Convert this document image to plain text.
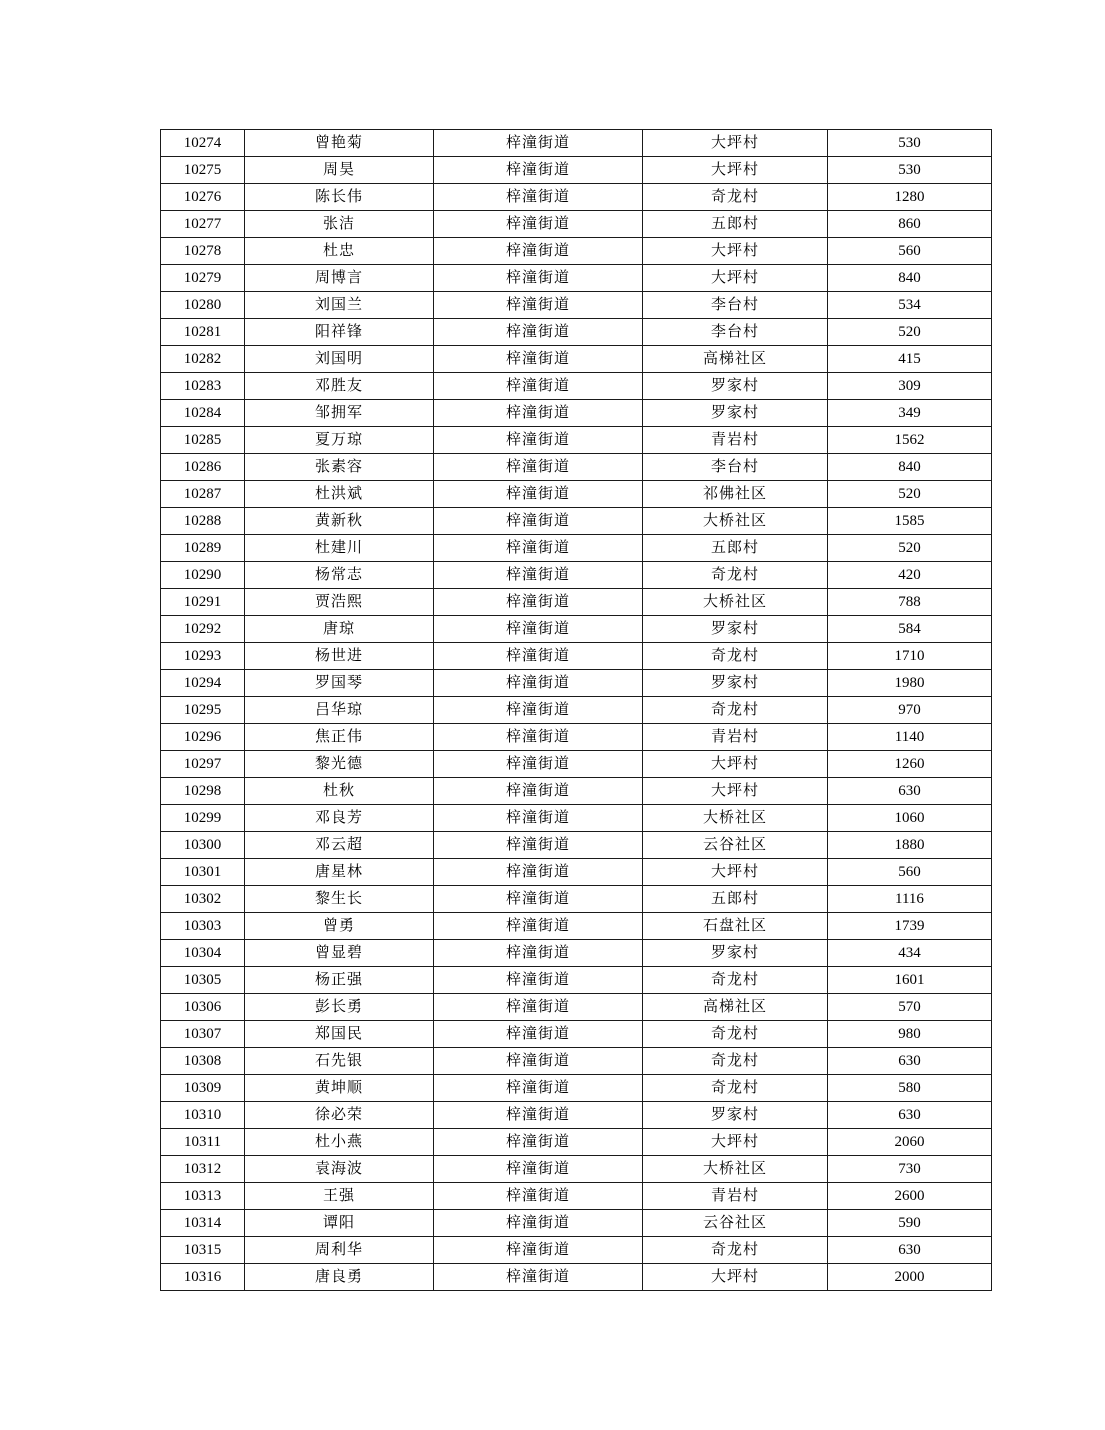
10274	曾艳菊	梓潼街道	大坪村	530
10275	周昊	梓潼街道	大坪村	530
10276	陈长伟	梓潼街道	奇龙村	1280
10277	张洁	梓潼街道	五郎村	860
10278	杜忠	梓潼街道	大坪村	560
10279	周博言	梓潼街道	大坪村	840
10280	刘国兰	梓潼街道	李台村	534
10281	阳祥锋	梓潼街道	李台村	520
10282	刘国明	梓潼街道	高梯社区	415
10283	邓胜友	梓潼街道	罗家村	309
10284	邹拥军	梓潼街道	罗家村	349
10285	夏万琼	梓潼街道	青岩村	1562
10286	张素容	梓潼街道	李台村	840
10287	杜洪斌	梓潼街道	祁佛社区	520
10288	黄新秋	梓潼街道	大桥社区	1585
10289	杜建川	梓潼街道	五郎村	520
10290	杨常志	梓潼街道	奇龙村	420
10291	贾浩熙	梓潼街道	大桥社区	788
10292	唐琼	梓潼街道	罗家村	584
10293	杨世进	梓潼街道	奇龙村	1710
10294	罗国琴	梓潼街道	罗家村	1980
10295	吕华琼	梓潼街道	奇龙村	970
10296	焦正伟	梓潼街道	青岩村	1140
10297	黎光德	梓潼街道	大坪村	1260
10298	杜秋	梓潼街道	大坪村	630
10299	邓良芳	梓潼街道	大桥社区	1060
10300	邓云超	梓潼街道	云谷社区	1880
10301	唐星林	梓潼街道	大坪村	560
10302	黎生长	梓潼街道	五郎村	1116
10303	曾勇	梓潼街道	石盘社区	1739
10304	曾显碧	梓潼街道	罗家村	434
10305	杨正强	梓潼街道	奇龙村	1601
10306	彭长勇	梓潼街道	高梯社区	570
10307	郑国民	梓潼街道	奇龙村	980
10308	石先银	梓潼街道	奇龙村	630
10309	黄坤顺	梓潼街道	奇龙村	580
10310	徐必荣	梓潼街道	罗家村	630
10311	杜小燕	梓潼街道	大坪村	2060
10312	袁海波	梓潼街道	大桥社区	730
10313	王强	梓潼街道	青岩村	2600
10314	谭阳	梓潼街道	云谷社区	590
10315	周利华	梓潼街道	奇龙村	630
10316	唐良勇	梓潼街道	大坪村	2000
